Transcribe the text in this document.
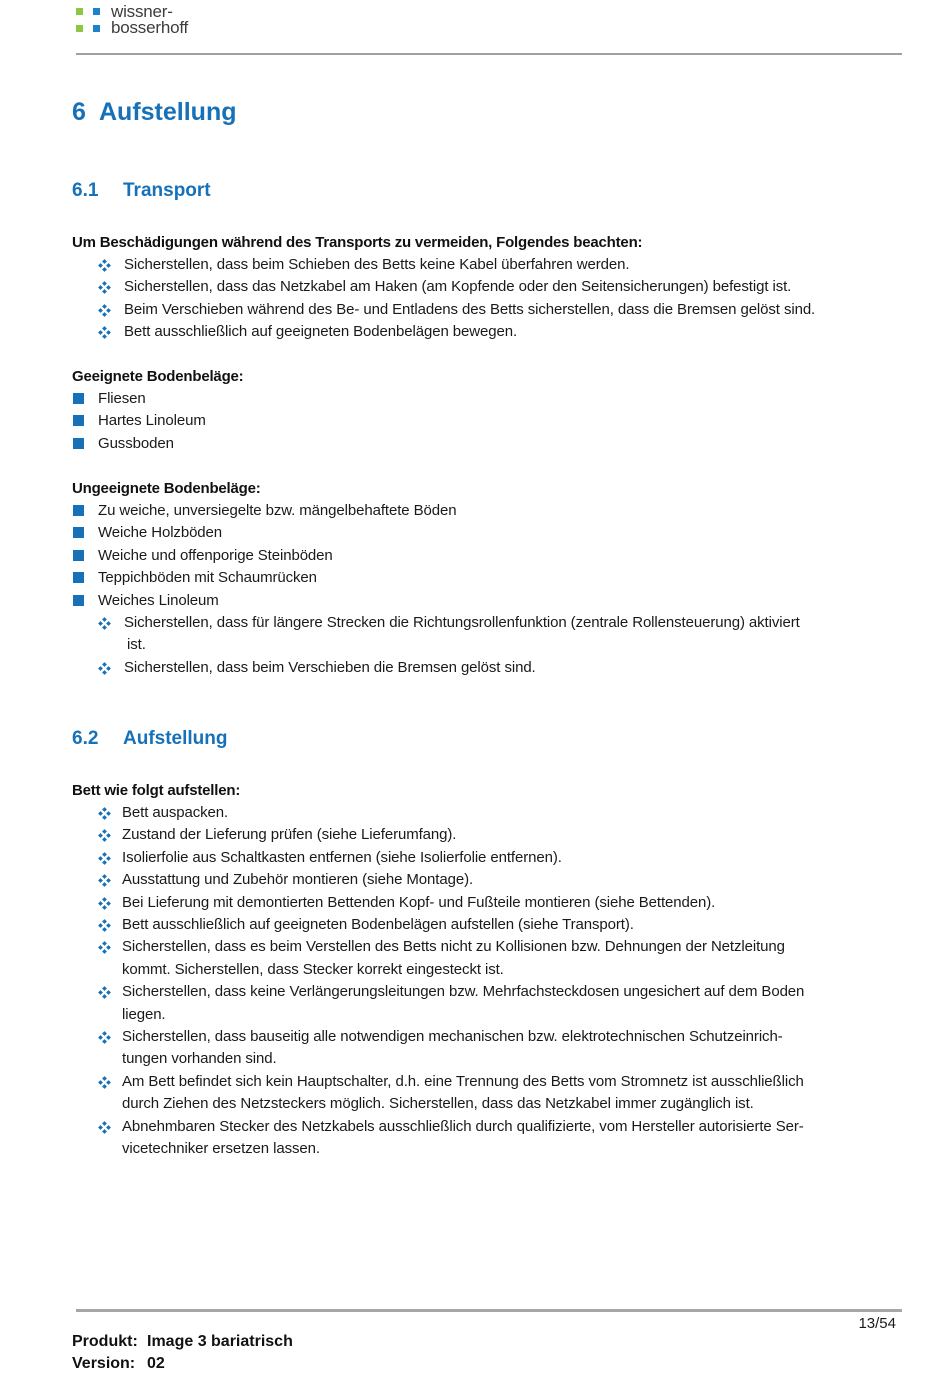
wissner-
bosserhoff
6 Aufstellung
6.1 Transport
Um Beschädigungen während des Transports zu vermeiden, Folgendes beachten:
Geeignete Bodenbeläge:
Ungeeignete Bodenbeläge:
6.2 Aufstellung
Bett wie folgt aufstellen:
13/54
Produkt: Image 3 bariatrisch
Version: 02
Sicherstellen, dass beim Schieben des Betts keine Kabel überfahren werden.
Sicherstellen, dass das Netzkabel am Haken (am Kopfende oder den Seitensicherungen) befestigt ist.
Beim Verschieben während des Be- und Entladens des Betts sicherstellen, dass die Bremsen gelöst sind.
Bett ausschließlich auf geeigneten Bodenbelägen bewegen.
Fliesen
Hartes Linoleum
Gussboden
Zu weiche, unversiegelte bzw. mängelbehaftete Böden
Weiche Holzböden
Weiche und offenporige Steinböden
Teppichböden mit Schaumrücken
Weiches Linoleum
Sicherstellen, dass für längere Strecken die Richtungsrollenfunktion (zentrale Rollensteuerung) aktiviert
ist.
Sicherstellen, dass beim Verschieben die Bremsen gelöst sind.
Bett auspacken.
Zustand der Lieferung prüfen (siehe Lieferumfang).
Isolierfolie aus Schaltkasten entfernen (siehe Isolierfolie entfernen).
Ausstattung und Zubehör montieren (siehe Montage).
Bei Lieferung mit demontierten Bettenden Kopf- und Fußteile montieren (siehe Bettenden).
Bett ausschließlich auf geeigneten Bodenbelägen aufstellen (siehe Transport).
Sicherstellen, dass es beim Verstellen des Betts nicht zu Kollisionen bzw. Dehnungen der Netzleitung
kommt. Sicherstellen, dass Stecker korrekt eingesteckt ist.
Sicherstellen, dass keine Verlängerungsleitungen bzw. Mehrfachsteckdosen ungesichert auf dem Boden
liegen.
Sicherstellen, dass bauseitig alle notwendigen mechanischen bzw. elektrotechnischen Schutzeinrich-
tungen vorhanden sind.
Am Bett befindet sich kein Hauptschalter, d.h. eine Trennung des Betts vom Stromnetz ist ausschließlich
durch Ziehen des Netzsteckers möglich. Sicherstellen, dass das Netzkabel immer zugänglich ist.
Abnehmbaren Stecker des Netzkabels ausschließlich durch qualifizierte, vom Hersteller autorisierte Ser-
vicetechniker ersetzen lassen.
